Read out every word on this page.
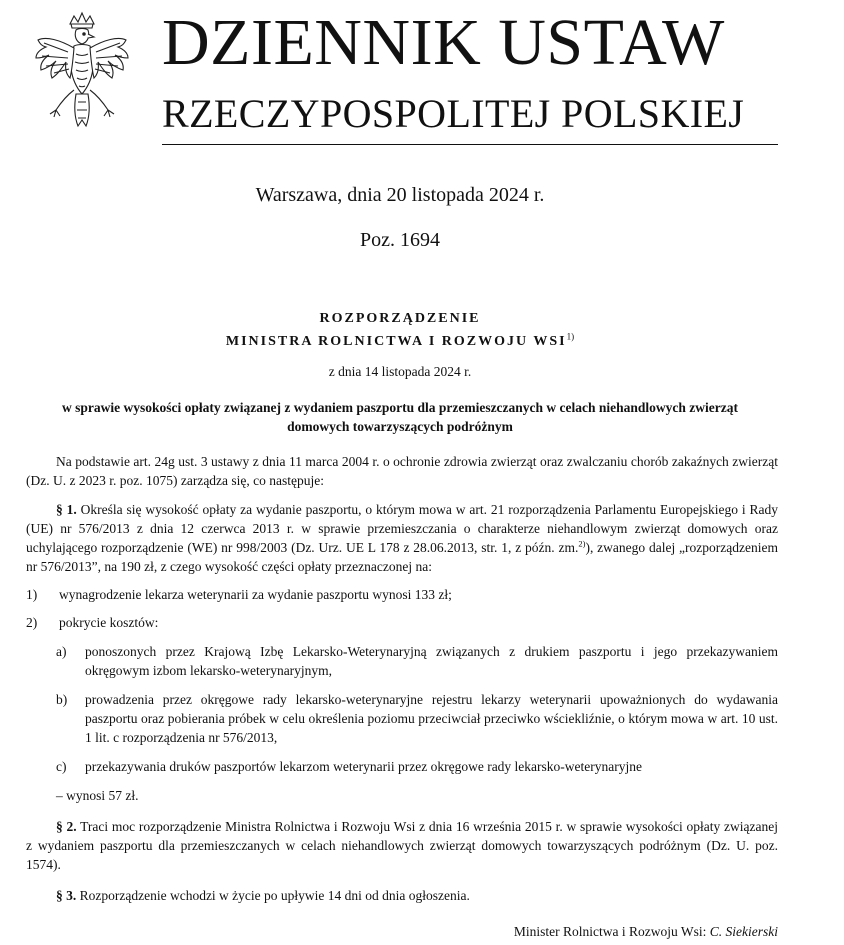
DZIENNIK USTAW
RZECZYPOSPOLITEJ POLSKIEJ
Warszawa, dnia 20 listopada 2024 r.
Poz. 1694
ROZPORZĄDZENIE
MINISTRA ROLNICTWA I ROZWOJU WSI$^{1)}$
z dnia 14 listopada 2024 r.
w sprawie wysokości opłaty związanej z wydaniem paszportu dla przemieszczanych w celach niehandlowych zwierząt domowych towarzyszących podróżnym

Na podstawie art. 24g ust. 3 ustawy z dnia 11 marca 2004 r. o ochronie zdrowia zwierząt oraz zwalczaniu chorób zakaźnych zwierząt (Dz. U. z 2023 r. poz. 1075) zarządza się, co następuje:

§ 1. Określa się wysokość opłaty za wydanie paszportu, o którym mowa w art. 21 rozporządzenia Parlamentu Europejskiego i Rady (UE) nr 576/2013 z dnia 12 czerwca 2013 r. w sprawie przemieszczania o charakterze niehandlowym zwierząt domowych oraz uchylającego rozporządzenie (WE) nr 998/2003 (Dz. Urz. UE L 178 z 28.06.2013, str. 1, z późn. zm.$^{2)}$), zwanego dalej „rozporządzeniem nr 576/2013”, na 190 zł, z czego wysokość części opłaty przeznaczonej na:

1) wynagrodzenie lekarza weterynarii za wydanie paszportu wynosi 133 zł;
2) pokrycie kosztów:
a) ponoszonych przez Krajową Izbę Lekarsko-Weterynaryjną związanych z drukiem paszportu i jego przekazywaniem okręgowym izbom lekarsko-weterynaryjnym,
b) prowadzenia przez okręgowe rady lekarsko-weterynaryjne rejestru lekarzy weterynarii upoważnionych do wydawania paszportu oraz pobierania próbek w celu określenia poziomu przeciwciał przeciwko wściekliźnie, o którym mowa w art. 10 ust. 1 lit. c rozporządzenia nr 576/2013,
c) przekazywania druków paszportów lekarzom weterynarii przez okręgowe rady lekarsko-weterynaryjne
– wynosi 57 zł.

§ 2. Traci moc rozporządzenie Ministra Rolnictwa i Rozwoju Wsi z dnia 16 września 2015 r. w sprawie wysokości opłaty związanej z wydaniem paszportu dla przemieszczanych w celach niehandlowych zwierząt domowych towarzyszących podróżnym (Dz. U. poz. 1574).

§ 3. Rozporządzenie wchodzi w życie po upływie 14 dni od dnia ogłoszenia.

Minister Rolnictwa i Rozwoju Wsi: C. Siekierski
